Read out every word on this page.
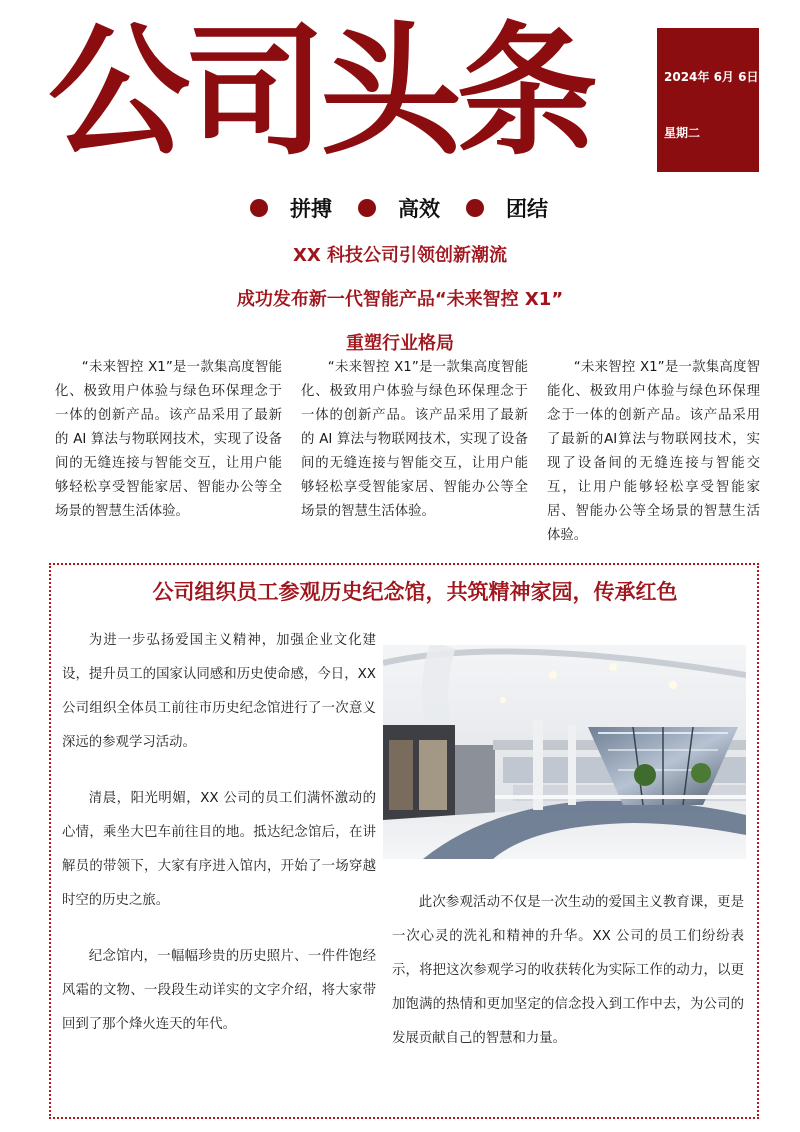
公司头条	2024年 6月 6日
星期二
拼搏	高效	团结
XX 科技公司引领创新潮流
成功发布新一代智能产品“未来智控 X1”
重塑行业格局

“未来智控 X1”是一款集高度智能化、极致用户体验与绿色环保理念于一体的创新产品。该产品采用了最新的 AI 算法与物联网技术，实现了设备间的无缝连接与智能交互，让用户能够轻松享受智能家居、智能办公等全场景的智慧生活体验。

“未来智控 X1”是一款集高度智能化、极致用户体验与绿色环保理念于一体的创新产品。该产品采用了最新的 AI 算法与物联网技术，实现了设备间的无缝连接与智能交互，让用户能够轻松享受智能家居、智能办公等全场景的智慧生活体验。

“未来智控 X1”是一款集高度智能化、极致用户体验与绿色环保理念于一体的创新产品。该产品采用了最新的AI算法与物联网技术，实现了设备间的无缝连接与智能交互，让用户能够轻松享受智能家居、智能办公等全场景的智慧生活体验。

公司组织员工参观历史纪念馆，共筑精神家园，传承红色

为进一步弘扬爱国主义精神，加强企业文化建设，提升员工的国家认同感和历史使命感，今日，XX 公司组织全体员工前往市历史纪念馆进行了一次意义深远的参观学习活动。

清晨，阳光明媚，XX 公司的员工们满怀激动的心情，乘坐大巴车前往目的地。抵达纪念馆后，在讲解员的带领下，大家有序进入馆内，开始了一场穿越时空的历史之旅。

纪念馆内，一幅幅珍贵的历史照片、一件件饱经风霜的文物、一段段生动详实的文字介绍，将大家带回到了那个烽火连天的年代。

此次参观活动不仅是一次生动的爱国主义教育课，更是一次心灵的洗礼和精神的升华。XX 公司的员工们纷纷表示，将把这次参观学习的收获转化为实际工作的动力，以更加饱满的热情和更加坚定的信念投入到工作中去，为公司的发展贡献自己的智慧和力量。
